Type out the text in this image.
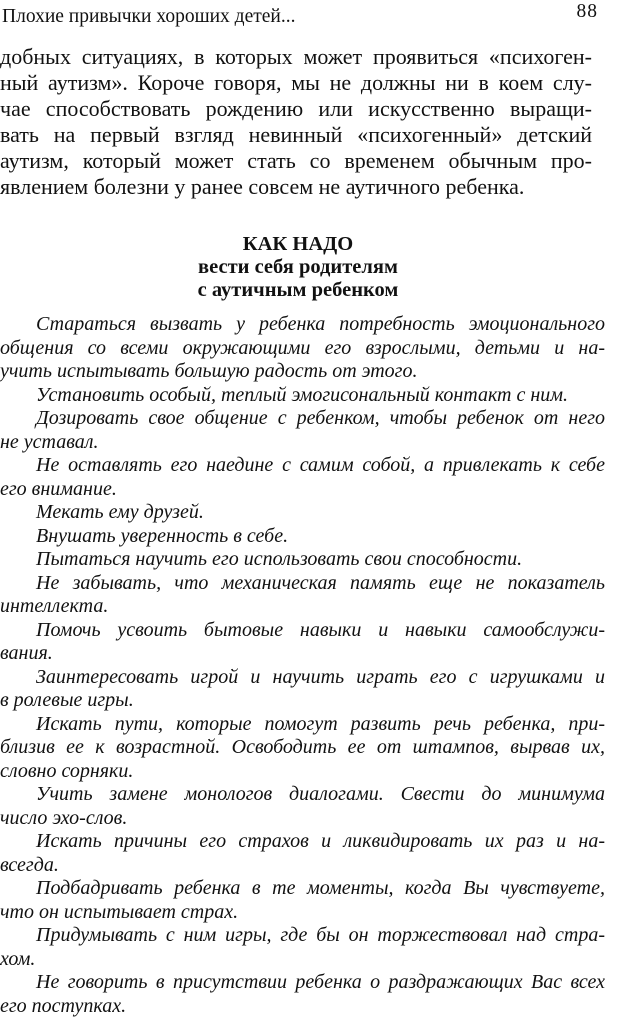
Плохие привычки хороших детей...	88

добных ситуациях, в которых может проявиться «психоген-
ный аутизм». Короче говоря, мы не должны ни в коем слу-
чае способствовать рождению или искусственно выращи-
вать на первый взгляд невинный «психогенный» детский
аутизм, который может стать со временем обычным про-
явлением болезни у ранее совсем не аутичного ребенка.

КАК НАДО
вести себя родителям
с аутичным ребенком
Стараться вызвать у ребенка потребность эмоционального
общения со всеми окружающими его взрослыми, детьми и на-
учить испытывать большую радость от этого.
Установить особый, теплый эмогисональный контакт с ним.
Дозировать свое общение с ребенком, чтобы ребенок от него
не уставал.
Не оставлять его наедине с самим собой, а привлекать к себе
его внимание.
Мекать ему друзей.
Внушать уверенность в себе.
Пытаться научить его использовать свои способности.
Не забывать, что механическая память еще не показатель
интеллекта.
Помочь усвоить бытовые навыки и навыки самообслужи-
вания.
Заинтересовать игрой и научить играть его с игрушками и
в ролевые игры.
Искать пути, которые помогут развить речь ребенка, при-
близив ее к возрастной. Освободить ее от штампов, вырвав их,
словно сорняки.
Учить замене монологов диалогами. Свести до минимума
число эхо-слов.
Искать причины его страхов и ликвидировать их раз и на-
всегда.
Подбадривать ребенка в те моменты, когда Вы чувствуете,
что он испытывает страх.
Придумывать с ним игры, где бы он торжествовал над стра-
хом.
Не говорить в присутствии ребенка о раздражающих Вас всех
его поступках.
